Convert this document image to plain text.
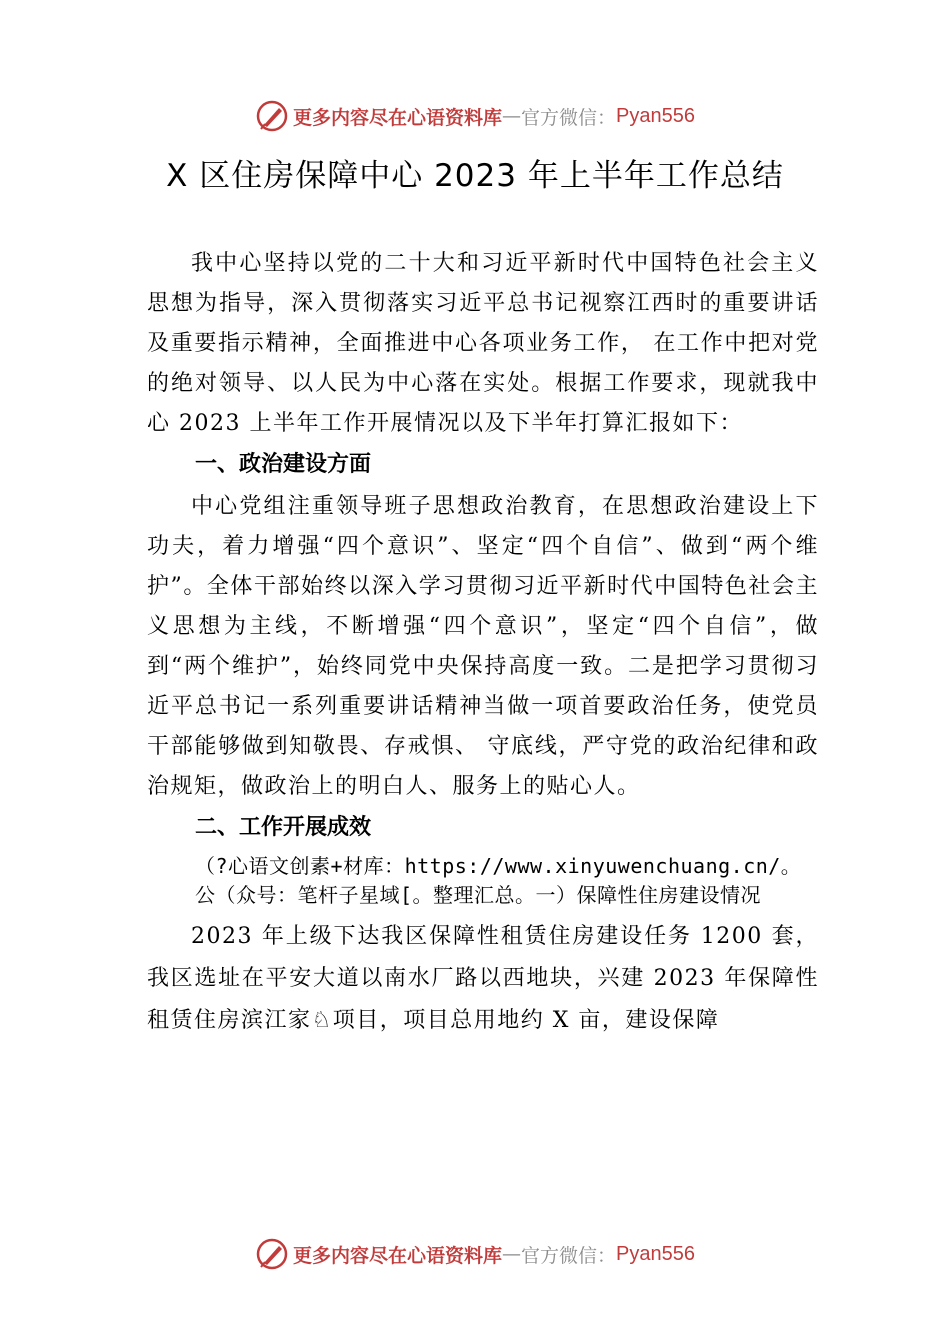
更多内容尽在心语资料库 — 官方微信： Pyan556
X 区住房保障中心 2023 年上半年工作总结

我中心坚持以党的二十大和习近平新时代中国特色社会主义思想为指导，深入贯彻落实习近平总书记视察江西时的重要讲话及重要指示精神，全面推进中心各项业务工作， 在工作中把对党的绝对领导、以人民为中心落在实处。根据工作要求，现就我中心 2023 上半年工作开展情况以及下半年打算汇报如下：

一、政治建设方面

中心党组注重领导班子思想政治教育，在思想政治建设上下功夫，着力增强“四个意识”、坚定“四个自信”、做到“两个维护”。全体干部始终以深入学习贯彻习近平新时代中国特色社会主义思想为主线，不断增强“四个意识”，坚定“四个自信”，做到“两个维护”，始终同党中央保持高度一致。二是把学习贯彻习近平总书记一系列重要讲话精神当做一项首要政治任务，使党员干部能够做到知敬畏、存戒惧、 守底线，严守党的政治纪律和政治规矩，做政治上的明白人、服务上的贴心人。

二、工作开展成效
（?心语文创素+材库：https://www.xinyuwenchuang.cn/。公（众号：笔杆子星域[。整理汇总。一）保障性住房建设情况

2023 年上级下达我区保障性租赁住房建设任务 1200 套，我区选址在平安大道以南水厂路以西地块，兴建 2023 年保障性租赁住房滨江家♘项目，项目总用地约 X 亩，建设保障

更多内容尽在心语资料库 — 官方微信： Pyan556
